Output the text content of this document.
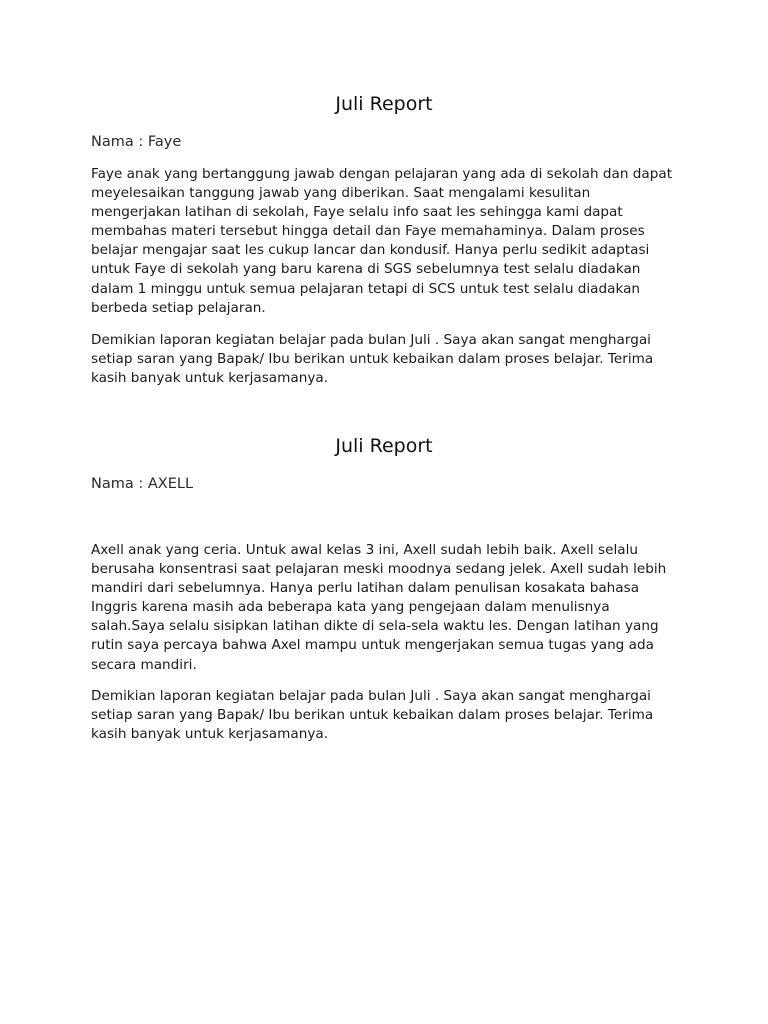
Juli Report

Nama : Faye

Faye anak yang bertanggung jawab dengan pelajaran yang ada di sekolah dan dapat meyelesaikan tanggung jawab yang diberikan. Saat mengalami kesulitan mengerjakan latihan di sekolah, Faye selalu info saat les sehingga kami dapat membahas materi tersebut hingga detail dan Faye memahaminya. Dalam proses belajar mengajar saat les cukup lancar dan kondusif. Hanya perlu sedikit adaptasi untuk Faye di sekolah yang baru karena di SGS sebelumnya test selalu diadakan dalam 1 minggu untuk semua pelajaran tetapi di SCS untuk test selalu diadakan berbeda setiap pelajaran.

Demikian laporan kegiatan belajar pada bulan Juli . Saya akan sangat menghargai setiap saran yang Bapak/ Ibu berikan untuk kebaikan dalam proses belajar. Terima kasih banyak untuk kerjasamanya.

Juli Report

Nama : AXELL

Axell anak yang ceria. Untuk awal kelas 3 ini, Axell sudah lebih baik. Axell selalu berusaha konsentrasi saat pelajaran meski moodnya sedang jelek. Axell sudah lebih mandiri dari sebelumnya. Hanya perlu latihan dalam penulisan kosakata bahasa Inggris karena masih ada beberapa kata yang pengejaan dalam menulisnya salah.Saya selalu sisipkan latihan dikte di sela-sela waktu les. Dengan latihan yang rutin saya percaya bahwa Axel mampu untuk mengerjakan semua tugas yang ada secara mandiri.

Demikian laporan kegiatan belajar pada bulan Juli . Saya akan sangat menghargai setiap saran yang Bapak/ Ibu berikan untuk kebaikan dalam proses belajar. Terima kasih banyak untuk kerjasamanya.
